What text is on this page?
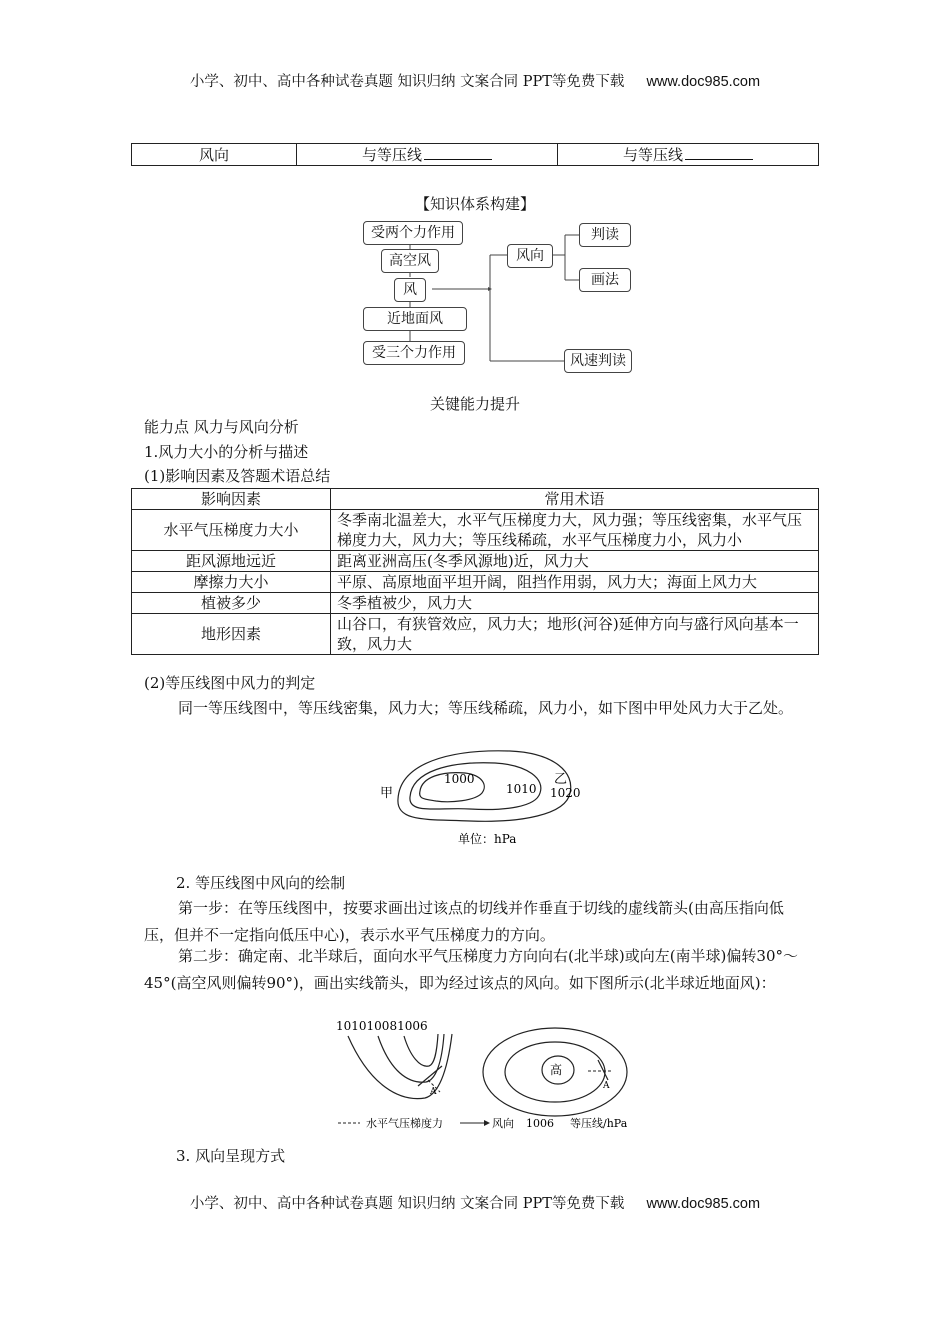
小学、初中、高中各种试卷真题 知识归纳 文案合同 PPT等免费下载 www.doc985.com
风向	与等压线	与等压线
【知识体系构建】
受两个力作用
高空风
风
近地面风
受三个力作用
风向
判读
画法
风速判读
关键能力提升
能力点 风力与风向分析
1.风力大小的分析与描述
(1)影响因素及答题术语总结
影响因素	常用术语
水平气压梯度力大小	冬季南北温差大，水平气压梯度力大，风力强；等压线密集，水平气压梯度力大，风力大；等压线稀疏，水平气压梯度力小，风力小
距风源地远近	距离亚洲高压(冬季风源地)近，风力大
摩擦力大小	平原、高原地面平坦开阔，阻挡作用弱，风力大；海面上风力大
植被多少	冬季植被少，风力大
地形因素	山谷口，有狭管效应，风力大；地形(河谷)延伸方向与盛行风向基本一致，风力大
(2)等压线图中风力的判定
同一等压线图中，等压线密集，风力大；等压线稀疏，风力小，如下图中甲处风力大于乙处。
甲
1000
1010
乙
1020
单位：hPa
2. 等压线图中风向的绘制
第一步：在等压线图中，按要求画出过该点的切线并作垂直于切线的虚线箭头(由高压指向低压，但并不一定指向低压中心)，表示水平气压梯度力的方向。
第二步：确定南、北半球后，面向水平气压梯度力方向向右(北半球)或向左(南半球)偏转30°～45°(高空风则偏转90°)，画出实线箭头，即为经过该点的风向。如下图所示(北半球近地面风)：
101010081006
高
A
A
水平气压梯度力	风向 1006 等压线/hPa
3. 风向呈现方式
小学、初中、高中各种试卷真题 知识归纳 文案合同 PPT等免费下载 www.doc985.com
